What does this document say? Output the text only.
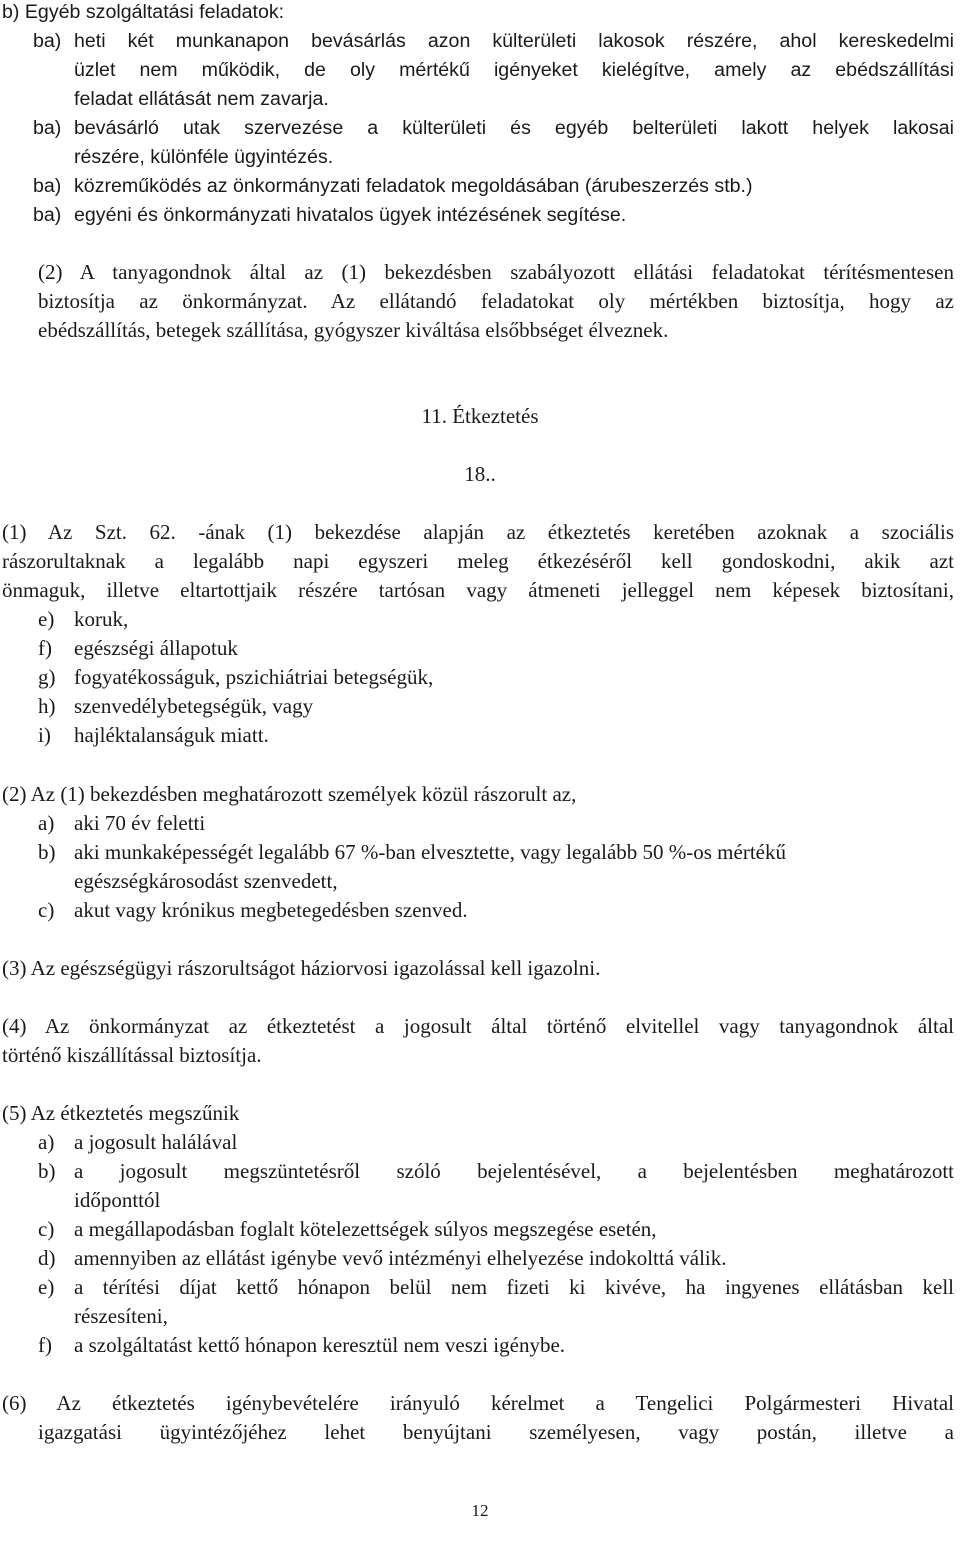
b) Egyéb szolgáltatási feladatok:
ba) heti két munkanapon bevásárlás azon külterületi lakosok részére, ahol kereskedelmi
üzlet nem működik, de oly mértékű igényeket kielégítve, amely az ebédszállítási
feladat ellátását nem zavarja.
ba) bevásárló utak szervezése a külterületi és egyéb belterületi lakott helyek lakosai
részére, különféle ügyintézés.
ba) közreműködés az önkormányzati feladatok megoldásában (árubeszerzés stb.)
ba) egyéni és önkormányzati hivatalos ügyek intézésének segítése.
(2) A tanyagondnok által az (1) bekezdésben szabályozott ellátási feladatokat térítésmentesen
biztosítja az önkormányzat. Az ellátandó feladatokat oly mértékben biztosítja, hogy az
ebédszállítás, betegek szállítása, gyógyszer kiváltása elsőbbséget élveznek.
11. Étkeztetés
18..
(1) Az Szt. 62. -ának (1) bekezdése alapján az étkeztetés keretében azoknak a szociális
rászorultaknak a legalább napi egyszeri meleg étkezéséről kell gondoskodni, akik azt
önmaguk, illetve eltartottjaik részére tartósan vagy átmeneti jelleggel nem képesek biztosítani,
e) koruk,
f) egészségi állapotuk
g) fogyatékosságuk, pszichiátriai betegségük,
h) szenvedélybetegségük, vagy
i) hajléktalanságuk miatt.
(2) Az (1) bekezdésben meghatározott személyek közül rászorult az,
a) aki 70 év feletti
b) aki munkaképességét legalább 67 %-ban elvesztette, vagy legalább 50 %-os mértékű
egészségkárosodást szenvedett,
c) akut vagy krónikus megbetegedésben szenved.
(3) Az egészségügyi rászorultságot háziorvosi igazolással kell igazolni.
(4) Az önkormányzat az étkeztetést a jogosult által történő elvitellel vagy tanyagondnok által
történő kiszállítással biztosítja.
(5) Az étkeztetés megszűnik
a) a jogosult halálával
b) a jogosult megszüntetésről szóló bejelentésével, a bejelentésben meghatározott
időponttól
c) a megállapodásban foglalt kötelezettségek súlyos megszegése esetén,
d) amennyiben az ellátást igénybe vevő intézményi elhelyezése indokolttá válik.
e) a térítési díjat kettő hónapon belül nem fizeti ki kivéve, ha ingyenes ellátásban kell
részesíteni,
f) a szolgáltatást kettő hónapon keresztül nem veszi igénybe.
(6) Az étkeztetés igénybevételére irányuló kérelmet a Tengelici Polgármesteri Hivatal
igazgatási ügyintézőjéhez lehet benyújtani személyesen, vagy postán, illetve a
12
